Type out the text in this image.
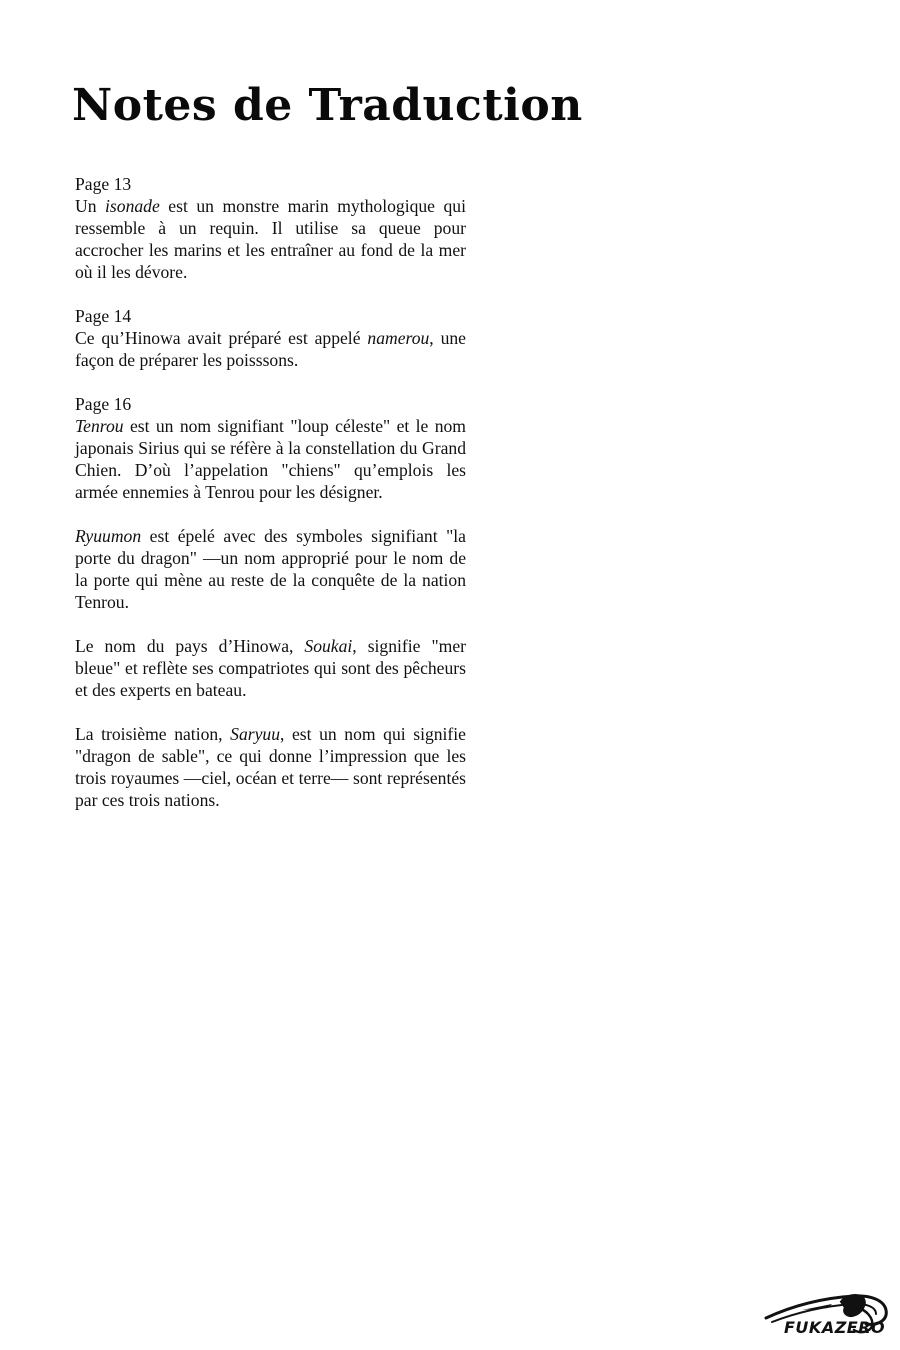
Notes de Traduction
Page 13
Un isonade est un monstre marin mythologique qui ressemble à un requin. Il utilise sa queue pour accrocher les marins et les entraîner au fond de la mer où il les dévore.
Page 14
Ce qu’Hinowa avait préparé est appelé namerou, une façon de préparer les poisssons.
Page 16
Tenrou est un nom signifiant "loup céleste" et le nom japonais Sirius qui se réfère à la constellation du Grand Chien. D’où l’appelation "chiens" qu’emplois les armée ennemies à Tenrou pour les désigner.
Ryuumon est épelé avec des symboles signifiant "la porte du dragon" —un nom approprié pour le nom de la porte qui mène au reste de la conquête de la nation Tenrou.
Le nom du pays d’Hinowa, Soukai, signifie "mer bleue" et reflète ses compatriotes qui sont des pêcheurs et des experts en bateau.
La troisième nation, Saryuu, est un nom qui signifie "dragon de sable", ce qui donne l’impression que les trois royaumes —ciel, océan et terre— sont représentés par ces trois nations.
FUKAZERO
